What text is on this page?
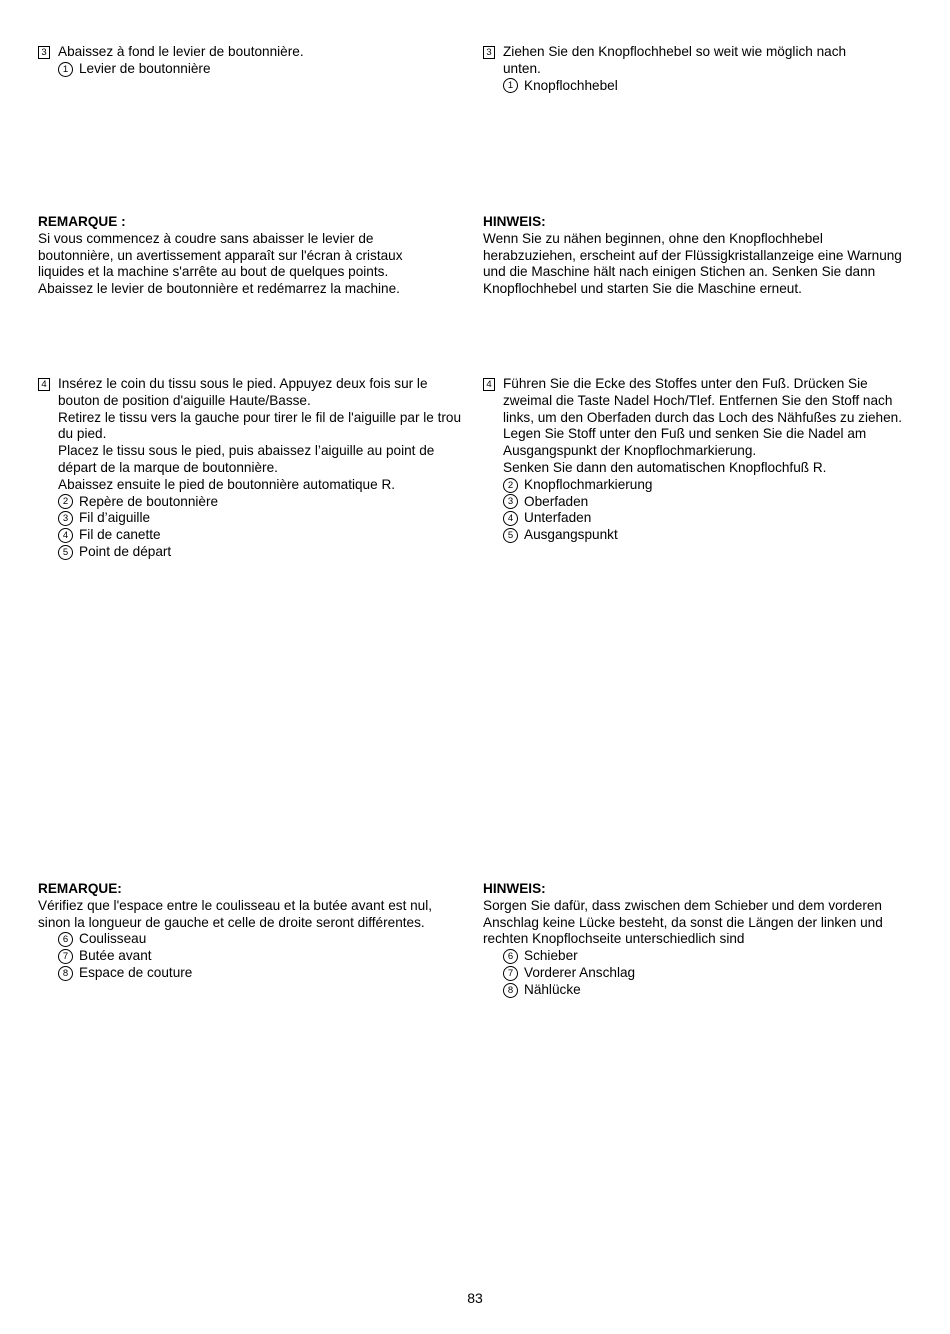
3 Abaissez à fond le levier de boutonnière.

1 Levier de boutonnière
3 Ziehen Sie den Knopflochhebel so weit wie möglich nach unten.

1 Knopflochhebel

REMARQUE :

Si vous commencez à coudre sans abaisser le levier de boutonnière, un avertissement apparaît sur l'écran à cristaux liquides et la machine s'arrête au bout de quelques points. Abaissez le levier de boutonnière et redémarrez la machine.

HINWEIS:

Wenn Sie zu nähen beginnen, ohne den Knopflochhebel herabzuziehen, erscheint auf der Flüssigkristallanzeige eine Warnung und die Maschine hält nach einigen Stichen an. Senken Sie dann Knopflochhebel und starten Sie die Maschine erneut.

4 Insérez le coin du tissu sous le pied. Appuyez deux fois sur le bouton de position d'aiguille Haute/Basse.

Retirez le tissu vers la gauche pour tirer le fil de l'aiguille par le trou du pied.

Placez le tissu sous le pied, puis abaissez l’aiguille au point de départ de la marque de boutonnière.

Abaissez ensuite le pied de boutonnière automatique R.

2 Repère de boutonnière
3 Fil d’aiguille
4 Fil de canette
5 Point de départ
4 Führen Sie die Ecke des Stoffes unter den Fuß. Drücken Sie zweimal die Taste Nadel Hoch/Tlef. Entfernen Sie den Stoff nach links, um den Oberfaden durch das Loch des Nähfußes zu ziehen.

Legen Sie Stoff unter den Fuß und senken Sie die Nadel am Ausgangspunkt der Knopflochmarkierung.

Senken Sie dann den automatischen Knopflochfuß R.

2 Knopflochmarkierung
3 Oberfaden
4 Unterfaden
5 Ausgangspunkt

REMARQUE:

Vérifiez que l'espace entre le coulisseau et la butée avant est nul, sinon la longueur de gauche et celle de droite seront différentes.

6 Coulisseau
7 Butée avant
8 Espace de couture

HINWEIS:

Sorgen Sie dafür, dass zwischen dem Schieber und dem vorderen Anschlag keine Lücke besteht, da sonst die Längen der linken und rechten Knopflochseite unterschiedlich sind

6 Schieber
7 Vorderer Anschlag
8 Nählücke
83
